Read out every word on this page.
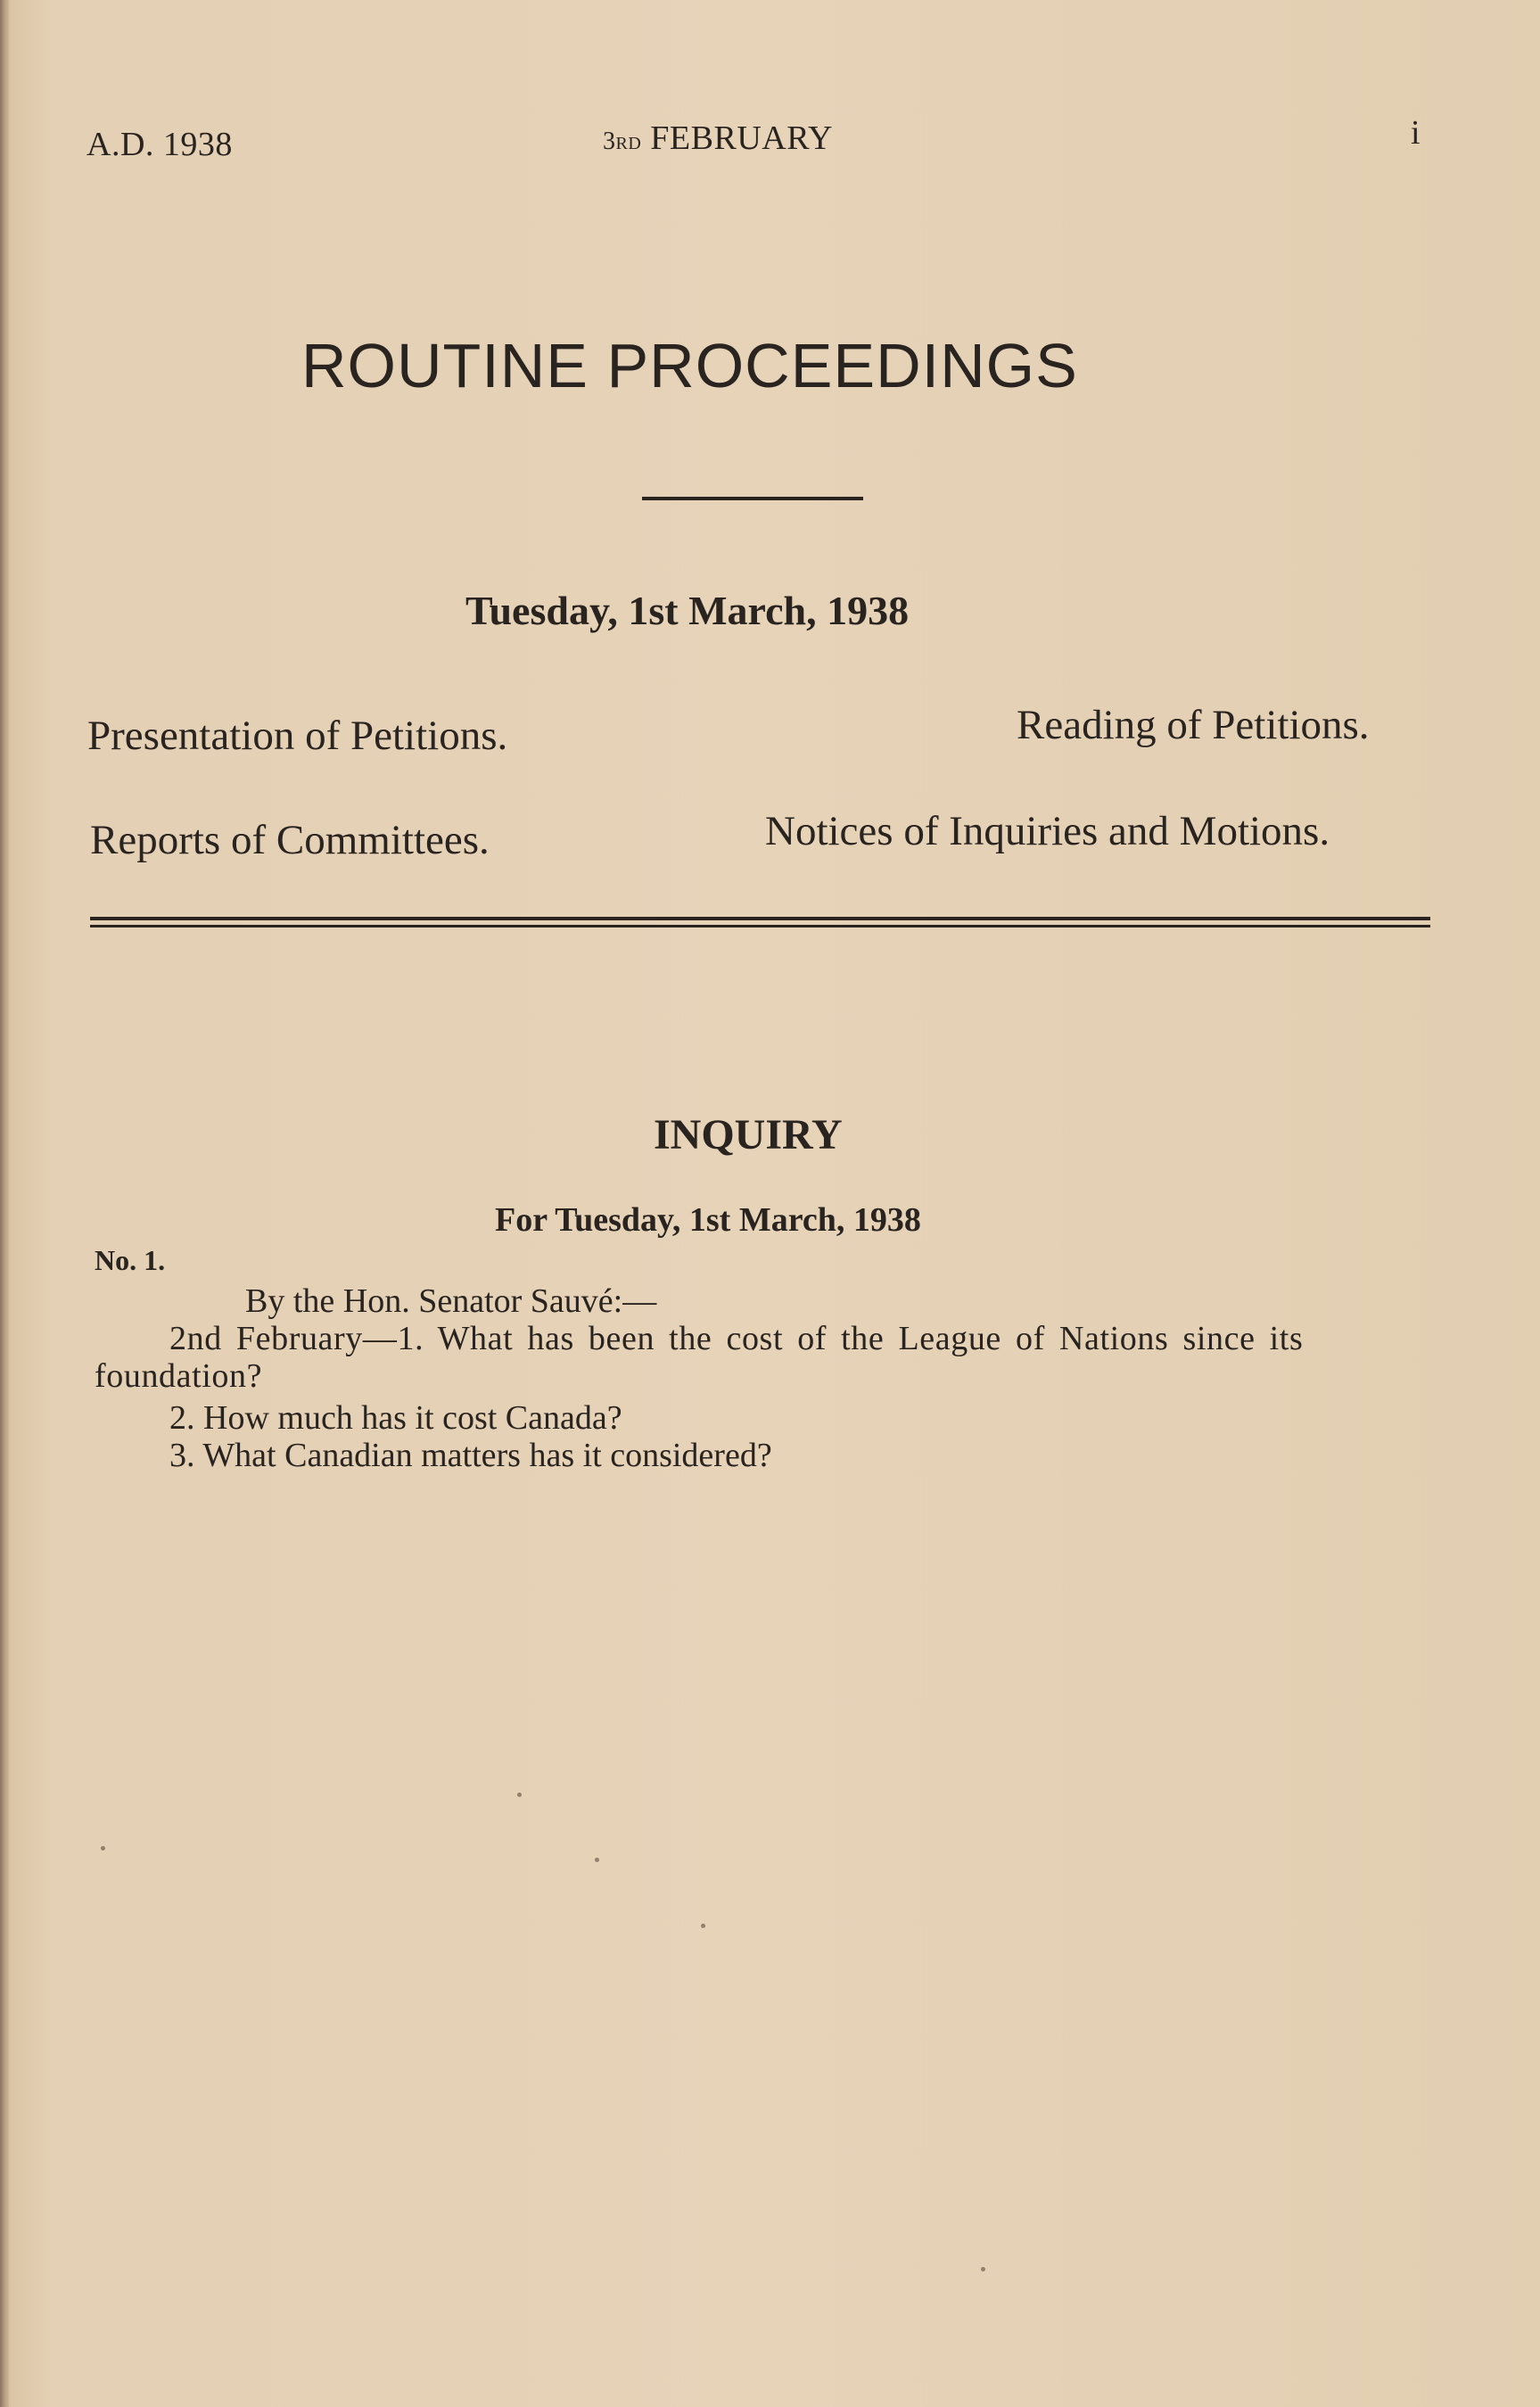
A.D. 1938	3rd FEBRUARY	i
ROUTINE PROCEEDINGS
Tuesday, 1st March, 1938
Presentation of Petitions.	Reading of Petitions.
Reports of Committees.	Notices of Inquiries and Motions.
INQUIRY
For Tuesday, 1st March, 1938
No. 1.
By the Hon. Senator Sauvé:—
2nd February—1. What has been the cost of the League of Nations since its foundation?
2. How much has it cost Canada?
3. What Canadian matters has it considered?
